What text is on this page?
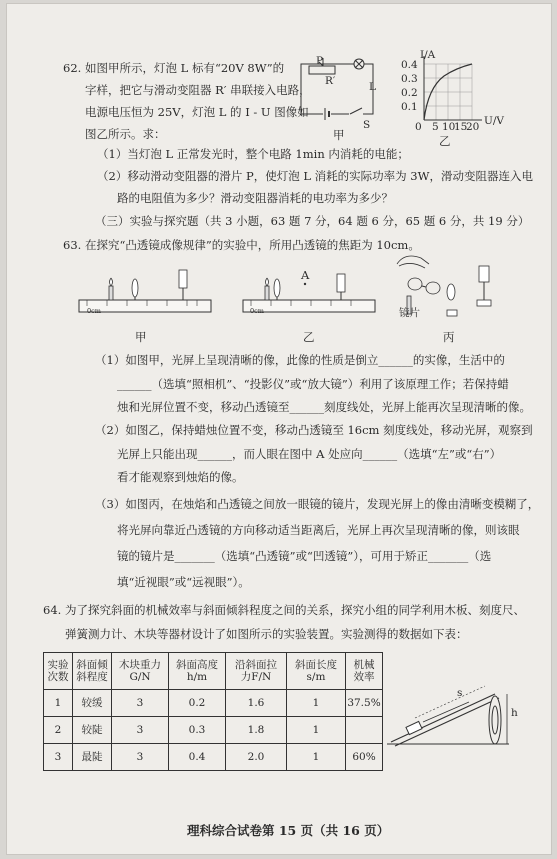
62. 如图甲所示，灯泡 L 标有“20V 8W”的
字样，把它与滑动变阻器 R′ 串联接入电路，
电源电压恒为 25V，灯泡 L 的 I - U 图像如
图乙所示。求：
（1）当灯泡 L 正常发光时，整个电路 1min 内消耗的电能；
（2）移动滑动变阻器的滑片 P，使灯泡 L 消耗的实际功率为 3W，滑动变阻器连入电
路的电阻值为多少？滑动变阻器消耗的电功率为多少？
P
R′	L
S
甲
I/A
0.4
0.3
0.2
0.1
0 5 10
15
20 U/V
乙
（三）实验与探究题（共 3 小题，63 题 7 分，64 题 6 分，65 题 6 分，共 19 分）
63. 在探究“凸透镜成像规律”的实验中，所用凸透镜的焦距为 10cm。
甲
A
乙
0cm	0cm	镜片
丙
（1）如图甲，光屏上呈现清晰的像，此像的性质是倒立______的实像，生活中的
______（选填“照相机”、“投影仪”或“放大镜”）利用了该原理工作；若保持蜡
烛和光屏位置不变，移动凸透镜至______刻度线处，光屏上能再次呈现清晰的像。
（2）如图乙，保持蜡烛位置不变，移动凸透镜至 16cm 刻度线处，移动光屏，观察到
光屏上只能出现______，而人眼在图中 A 处应向______（选填“左”或“右”）
看才能观察到烛焰的像。
（3）如图丙，在烛焰和凸透镜之间放一眼镜的镜片，发现光屏上的像由清晰变模糊了，
将光屏向靠近凸透镜的方向移动适当距离后，光屏上再次呈现清晰的像，则该眼
镜的镜片是_______（选填“凸透镜”或“凹透镜”），可用于矫正_______（选
填“近视眼”或“远视眼”）。
64. 为了探究斜面的机械效率与斜面倾斜程度之间的关系，探究小组的同学利用木板、刻度尺、
弹簧测力计、木块等器材设计了如图所示的实验装置。实验测得的数据如下表：
实验
次数	斜面倾
斜程度	木块重力
G/N	斜面高度
h/m	沿斜面拉
力F/N	斜面长度
s/m	机械
效率
1	较缓	3	0.2	1.6	1	37.5%
2	较陡	3	0.3	1.8	1	
3	最陡	3	0.4	2.0	1	60%
s
h
理科综合试卷第 15 页（共 16 页）
